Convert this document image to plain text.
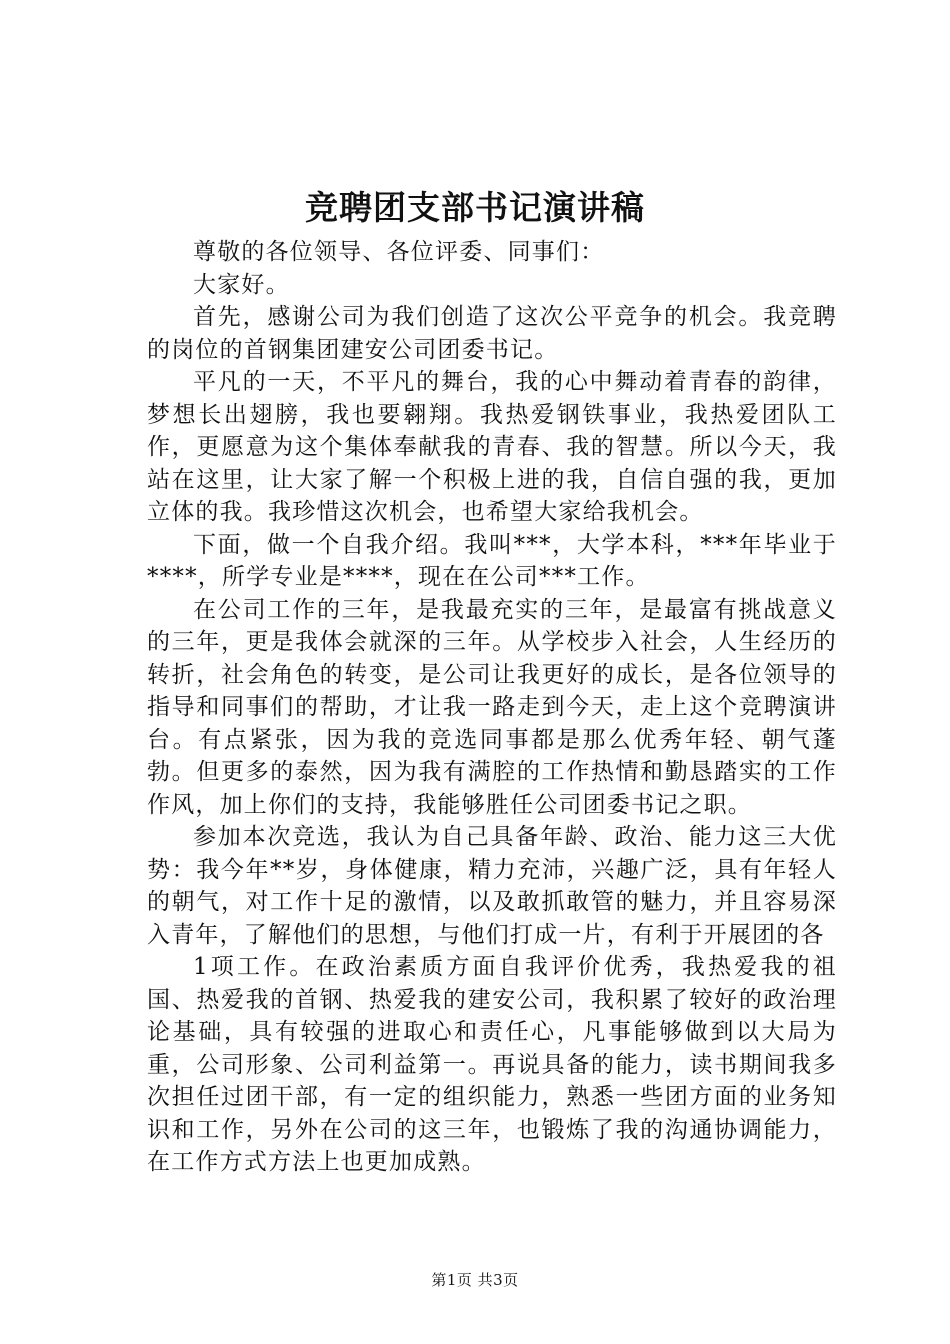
竞聘团支部书记演讲稿

尊敬的各位领导、各位评委、同事们：

大家好。

首先，感谢公司为我们创造了这次公平竞争的机会。我竞聘的岗位的首钢集团建安公司团委书记。

平凡的一天，不平凡的舞台，我的心中舞动着青春的韵律，梦想长出翅膀，我也要翱翔。我热爱钢铁事业，我热爱团队工作，更愿意为这个集体奉献我的青春、我的智慧。所以今天，我站在这里，让大家了解一个积极上进的我，自信自强的我，更加立体的我。我珍惜这次机会，也希望大家给我机会。

下面，做一个自我介绍。我叫***，大学本科，***年毕业于****，所学专业是****，现在在公司***工作。

在公司工作的三年，是我最充实的三年，是最富有挑战意义的三年，更是我体会就深的三年。从学校步入社会，人生经历的转折，社会角色的转变，是公司让我更好的成长，是各位领导的指导和同事们的帮助，才让我一路走到今天，走上这个竞聘演讲台。有点紧张，因为我的竞选同事都是那么优秀年轻、朝气蓬勃。但更多的泰然，因为我有满腔的工作热情和勤恳踏实的工作作风，加上你们的支持，我能够胜任公司团委书记之职。

参加本次竞选，我认为自己具备年龄、政治、能力这三大优势：我今年**岁，身体健康，精力充沛，兴趣广泛，具有年轻人的朝气，对工作十足的激情，以及敢抓敢管的魅力，并且容易深入青年，了解他们的思想，与他们打成一片，有利于开展团的各

1项工作。在政治素质方面自我评价优秀，我热爱我的祖国、热爱我的首钢、热爱我的建安公司，我积累了较好的政治理论基础，具有较强的进取心和责任心，凡事能够做到以大局为重，公司形象、公司利益第一。再说具备的能力，读书期间我多次担任过团干部，有一定的组织能力，熟悉一些团方面的业务知识和工作，另外在公司的这三年，也锻炼了我的沟通协调能力，在工作方式方法上也更加成熟。

第1页 共3页
